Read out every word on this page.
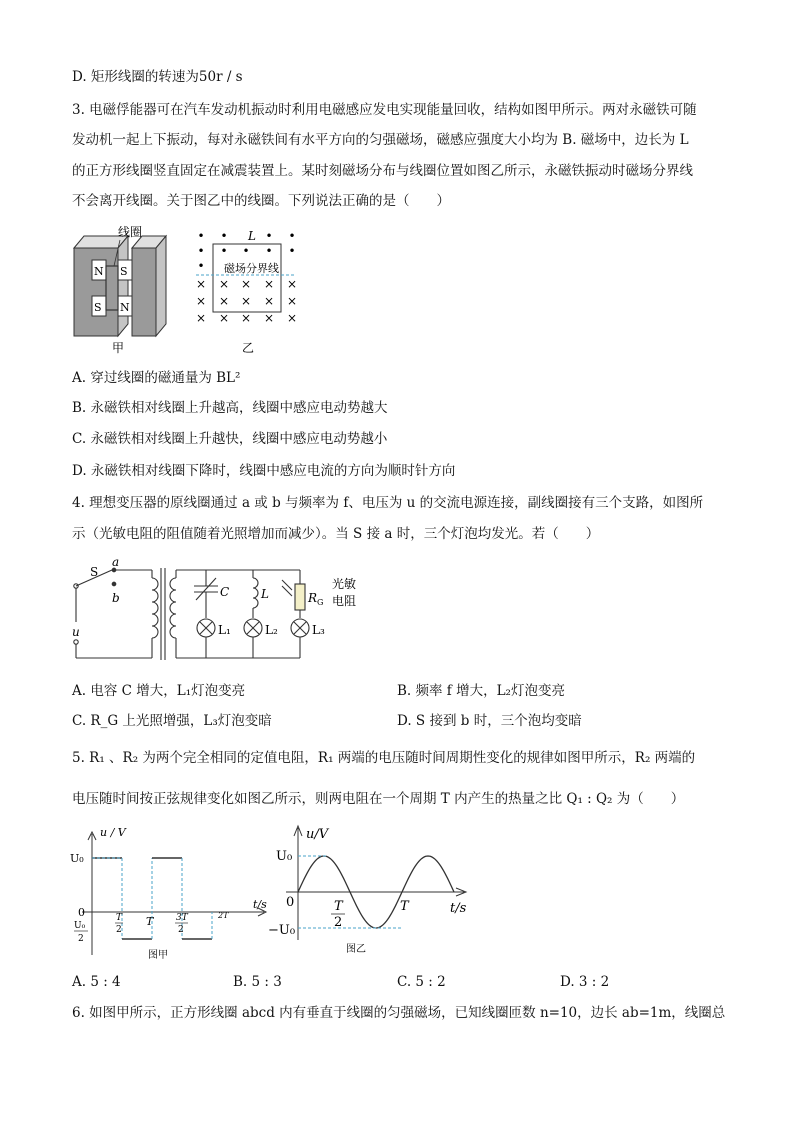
D. 矩形线圈的转速为50r / s
3. 电磁俘能器可在汽车发动机振动时利用电磁感应发电实现能量回收，结构如图甲所示。两对永磁铁可随
发动机一起上下振动，每对永磁铁间有水平方向的匀强磁场，磁感应强度大小均为 B. 磁场中，边长为 L
的正方形线圈竖直固定在减震装置上。某时刻磁场分布与线圈位置如图乙所示，永磁铁振动时磁场分界线
不会离开线圈。关于图乙中的线圈。下列说法正确的是（　　）
线圈
N S
S N
甲
• •	• •
• • • • •
•
× × × × ×
× × × × ×
× × × × ×
L
磁场分界线
乙
A. 穿过线圈的磁通量为 BL²
B. 永磁铁相对线圈上升越高，线圈中感应电动势越大
C. 永磁铁相对线圈上升越快，线圈中感应电动势越小
D. 永磁铁相对线圈下降时，线圈中感应电流的方向为顺时针方向
4. 理想变压器的原线圈通过 a 或 b 与频率为 f、电压为 u 的交流电源连接，副线圈接有三个支路，如图所
示（光敏电阻的阻值随着光照增加而减少）。当 S 接 a 时，三个灯泡均发光。若（　　）
S
a
b
u
C	L	$R_G$
光敏
电阻
L₁	L₂	L₃
A. 电容 C 增大，L₁灯泡变亮	B. 频率 f 增大，L₂灯泡变亮
C. R_G 上光照增强，L₃灯泡变暗	D. S 接到 b 时，三个泡均变暗
5. R₁ 、R₂ 为两个完全相同的定值电阻，R₁ 两端的电压随时间周期性变化的规律如图甲所示，R₂ 两端的
电压随时间按正弦规律变化如图乙所示，则两电阻在一个周期 T 内产生的热量之比 Q₁ : Q₂ 为（　　）
u / V
t/s
U₀
0
U₀
2
T
2
T	3T
2
2T
图甲
u/V
t/s
U₀
−U₀
0	T
2
T
图乙
A. 5 : 4	B. 5 : 3	C. 5 : 2	D. 3 : 2
6. 如图甲所示，正方形线圈 abcd 内有垂直于线圈的匀强磁场，已知线圈匝数 n=10，边长 ab=1m，线圈总
